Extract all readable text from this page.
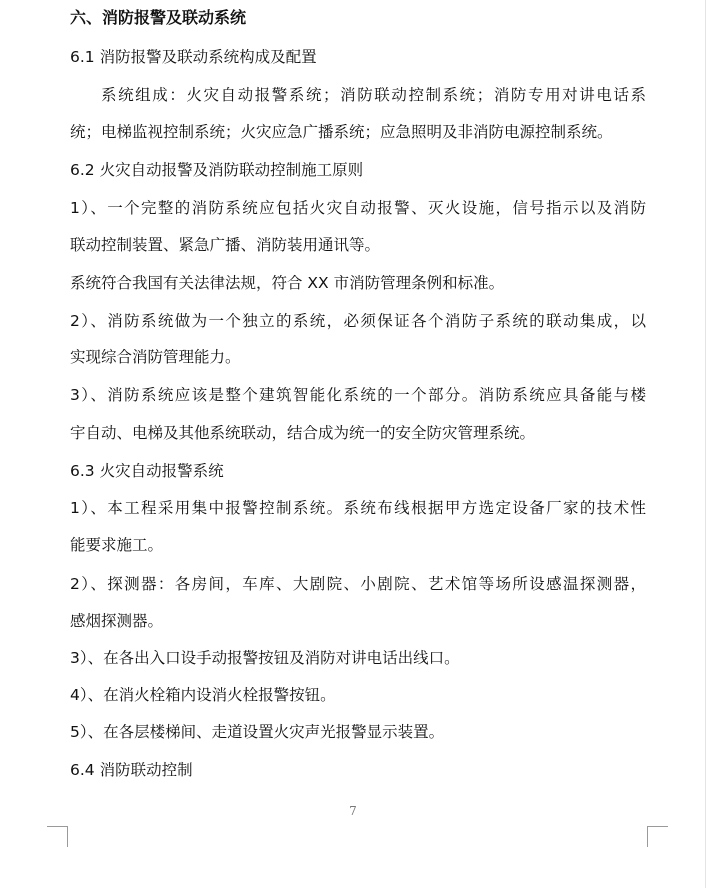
六、消防报警及联动系统
6.1 消防报警及联动系统构成及配置
系统组成：火灾自动报警系统；消防联动控制系统；消防专用对讲电话系
统；电梯监视控制系统；火灾应急广播系统；应急照明及非消防电源控制系统。
6.2 火灾自动报警及消防联动控制施工原则
1）、一个完整的消防系统应包括火灾自动报警、灭火设施，信号指示以及消防
联动控制装置、紧急广播、消防装用通讯等。
系统符合我国有关法律法规，符合 XX 市消防管理条例和标准。
2）、消防系统做为一个独立的系统，必须保证各个消防子系统的联动集成，以
实现综合消防管理能力。
3）、消防系统应该是整个建筑智能化系统的一个部分。消防系统应具备能与楼
宇自动、电梯及其他系统联动，结合成为统一的安全防灾管理系统。
6.3 火灾自动报警系统
1）、本工程采用集中报警控制系统。系统布线根据甲方选定设备厂家的技术性
能要求施工。
2）、探测器：各房间，车库、大剧院、小剧院、艺术馆等场所设感温探测器，
感烟探测器。
3）、在各出入口设手动报警按钮及消防对讲电话出线口。
4）、在消火栓箱内设消火栓报警按钮。
5）、在各层楼梯间、走道设置火灾声光报警显示装置。
6.4 消防联动控制
7
